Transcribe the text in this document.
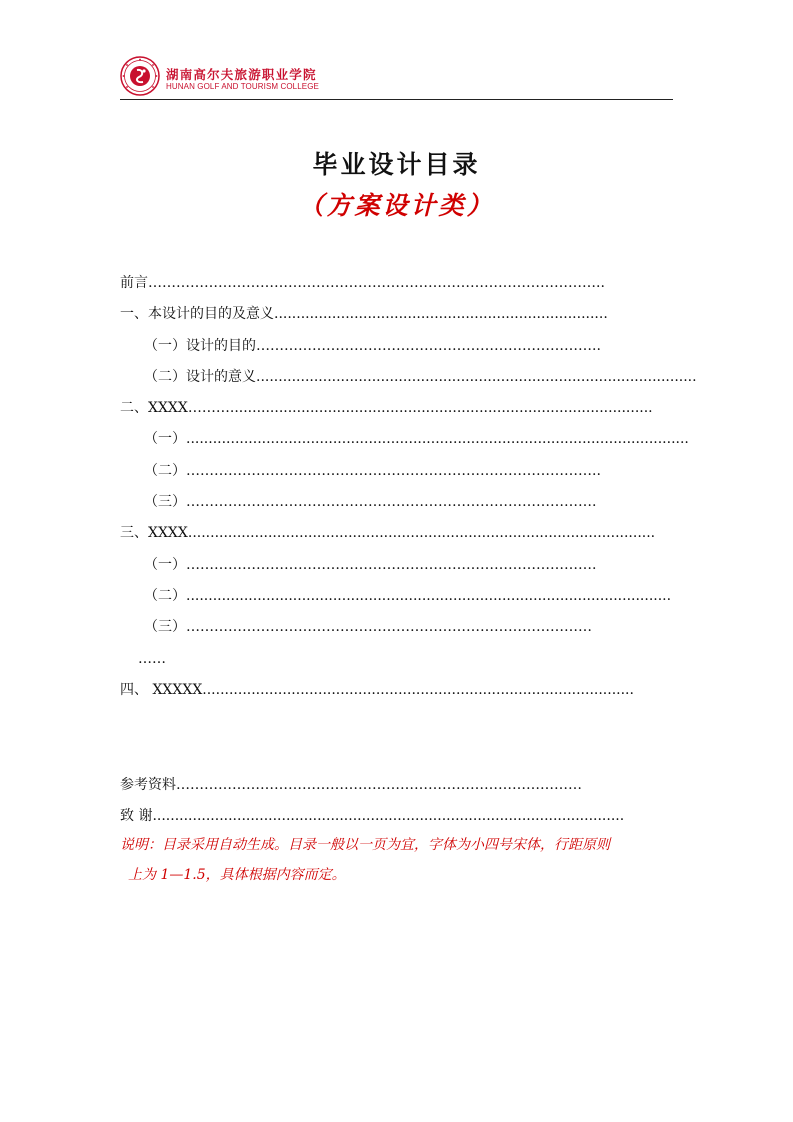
湖南高尔夫旅游职业学院
HUNAN GOLF AND TOURISM COLLEGE
毕业设计目录
（方案设计类）
前言……………………………………………………………………………………..
一、本设计的目的及意义...........................................................................
（一）设计的目的………………………………………………………………..
（二）设计的意义...................................................................................................
二、XXXX………...............................................................................................
（一）.................................................................................................................
（二）……………………………………………………………………………..
（三）…………………………………………………………………………….
三、XXXX.........................................................................................................
（一）…………………………………………………………………………….
（二）.............................................................................................................
（三）……………………………………………………………………………
……
四、 XXXXX.................................................................................................
参考资料……………………………………………………………………………
致 谢..........................................................................................................
说明：目录采用自动生成。目录一般以一页为宜，字体为小四号宋体，行距原则
上为 1—1.5，具体根据内容而定。
